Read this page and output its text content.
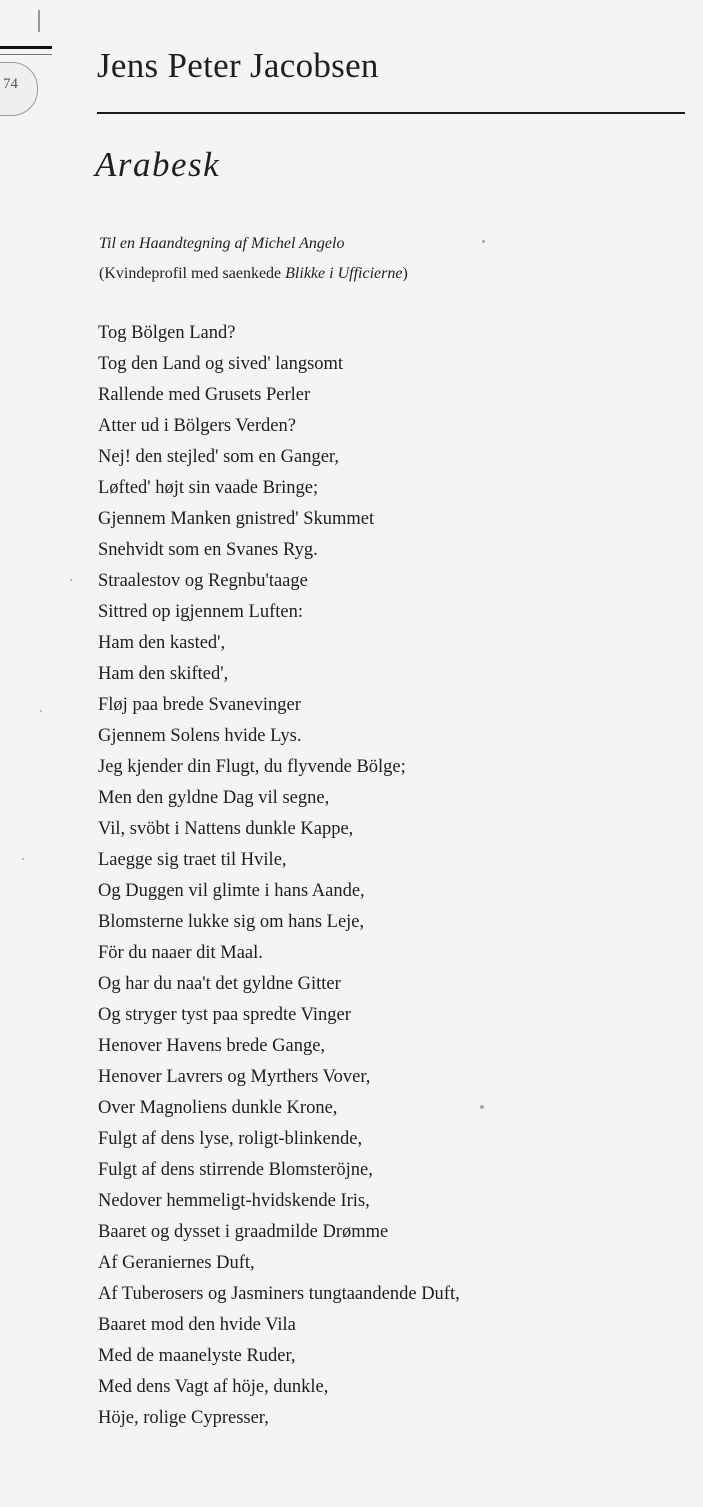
74 Jens Peter Jacobsen
Arabesk
Til en Haandtegning af Michel Angelo
(Kvindeprofil med saenkede Blikke i Ufficierne)
Tog Bölgen Land?
Tog den Land og sived' langsomt
Rallende med Grusets Perler
Atter ud i Bölgers Verden?
Nej! den stejled' som en Ganger,
Løfted' højt sin vaade Bringe;
Gjennem Manken gnistred' Skummet
Snehvidt som en Svanes Ryg.
Straalestov og Regnbu'taage
Sittred op igjennem Luften:
Ham den kasted',
Ham den skifted',
Fløj paa brede Svanevinger
Gjennem Solens hvide Lys.
Jeg kjender din Flugt, du flyvende Bölge;
Men den gyldne Dag vil segne,
Vil, svöbt i Nattens dunkle Kappe,
Laegge sig traet til Hvile,
Og Duggen vil glimte i hans Aande,
Blomsterne lukke sig om hans Leje,
För du naaer dit Maal.
Og har du naa't det gyldne Gitter
Og stryger tyst paa spredte Vinger
Henover Havens brede Gange,
Henover Lavrers og Myrthers Vover,
Over Magnoliens dunkle Krone,
Fulgt af dens lyse, roligt-blinkende,
Fulgt af dens stirrende Blomsteröjne,
Nedover hemmeligt-hvidskende Iris,
Baaret og dysset i graadmilde Drømme
Af Geraniernes Duft,
Af Tuberosers og Jasminers tungtaandende Duft,
Baaret mod den hvide Vila
Med de maanelyste Ruder,
Med dens Vagt af höje, dunkle,
Höje, rolige Cypresser,
